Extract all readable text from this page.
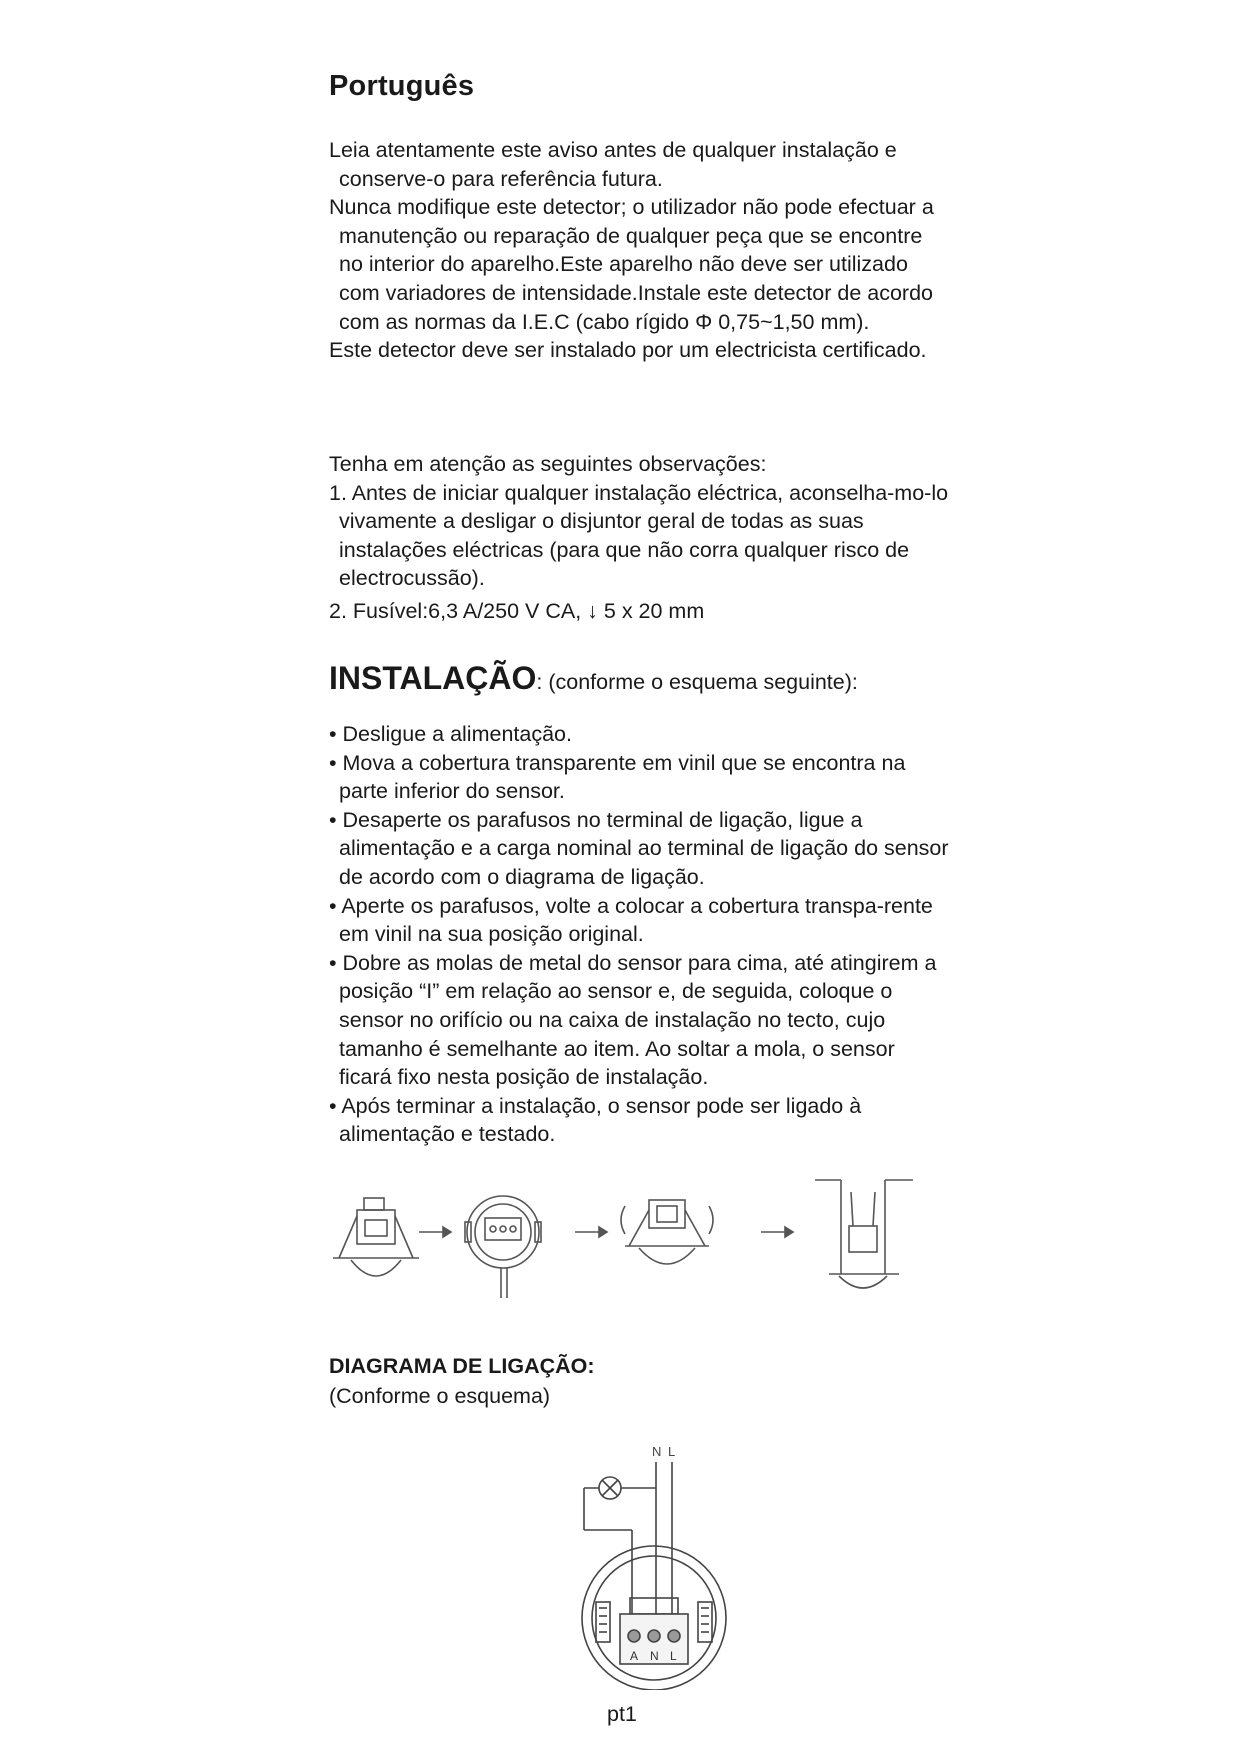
Português

Leia atentamente este aviso antes de qualquer instalação e conserve-o para referência futura.

Nunca modifique este detector; o utilizador não pode efectuar a manutenção ou reparação de qualquer peça que se encontre no interior do aparelho.Este aparelho não deve ser utilizado com variadores de intensidade.Instale este detector de acordo com as normas da I.E.C (cabo rígido Φ 0,75~1,50 mm).

Este detector deve ser instalado por um electricista certificado.

Tenha em atenção as seguintes observações:

1. Antes de iniciar qualquer instalação eléctrica, aconselha-mo-lo vivamente a desligar o disjuntor geral de todas as suas instalações eléctricas (para que não corra qualquer risco de electrocussão).

2. Fusível:6,3 A/250 V CA, ↓ 5 x 20 mm

INSTALAÇÃO: (conforme o esquema seguinte):

• Desligue a alimentação.

• Mova a cobertura transparente em vinil que se encontra na parte inferior do sensor.

• Desaperte os parafusos no terminal de ligação, ligue a alimentação e a carga nominal ao terminal de ligação do sensor de acordo com o diagrama de ligação.

• Aperte os parafusos, volte a colocar a cobertura transpa-rente em vinil na sua posição original.

• Dobre as molas de metal do sensor para cima, até atingirem a posição “I” em relação ao sensor e, de seguida, coloque o sensor no orifício ou na caixa de instalação no tecto, cujo tamanho é semelhante ao item. Ao soltar a mola, o sensor ficará fixo nesta posição de instalação.

• Após terminar a instalação, o sensor pode ser ligado à alimentação e testado.

DIAGRAMA DE LIGAÇÃO:
(Conforme o esquema)
N L
A N L
pt1
